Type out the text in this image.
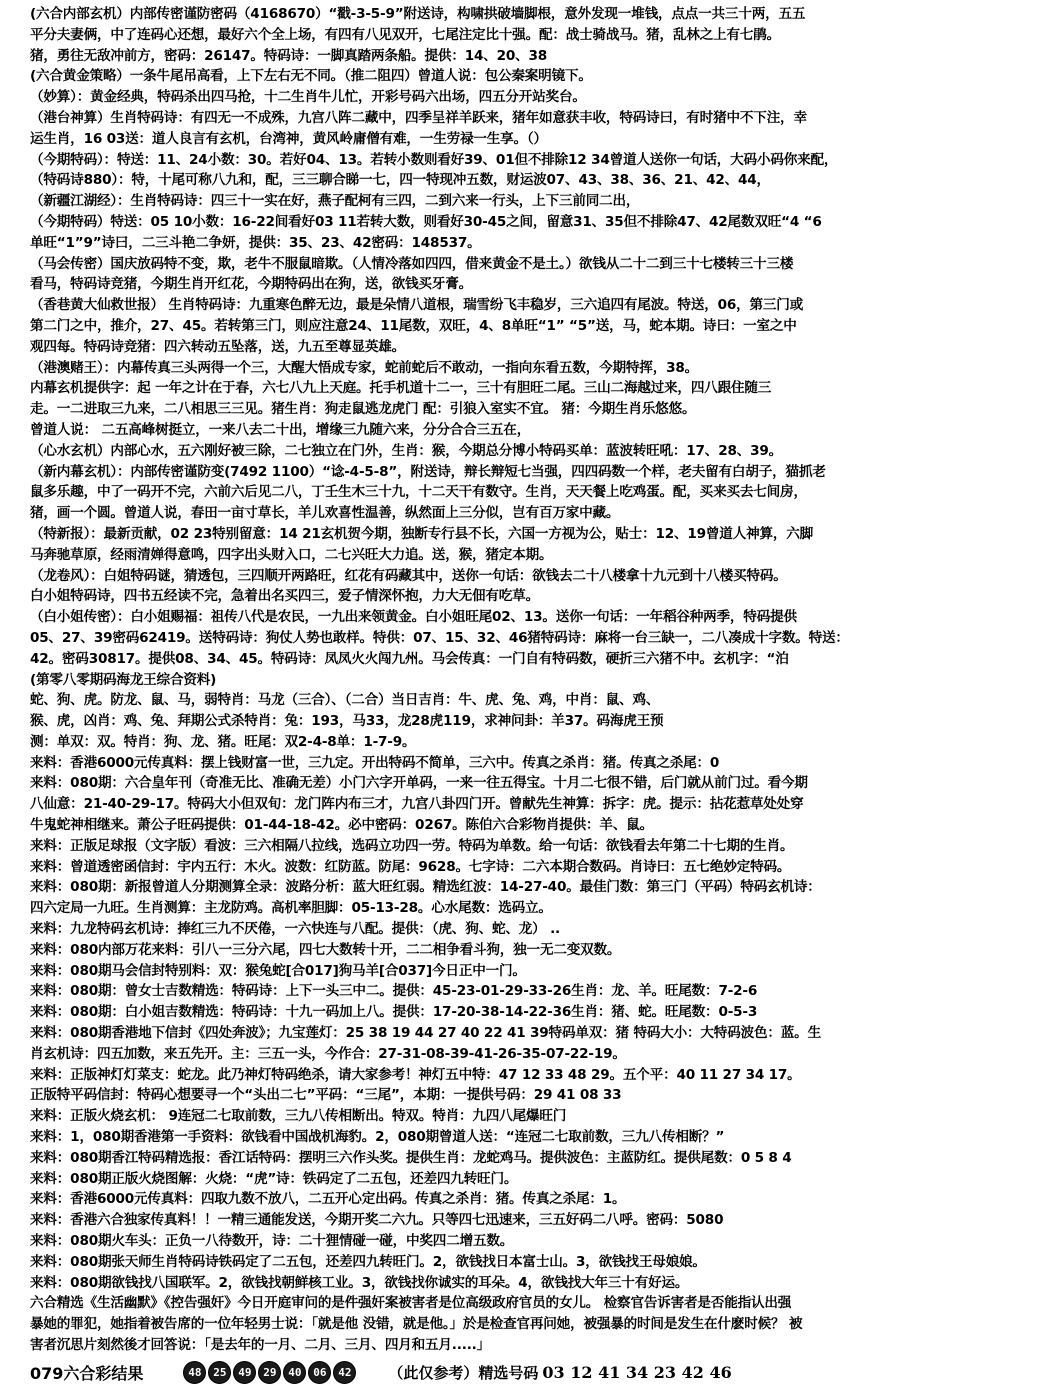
(六合内部玄机）内部传密谨防密码（4168670）“戳-3-5-9”附送诗，构啸拱破墙脚根，意外发现一堆钱，点点一共三十两，五五
平分夫妻俩，中了连码心还想，最好六个全上场，有四有八见双开，七尾注定比十强。配：战士骑战马。猪，乱林之上有七鹃。
猪，勇往无敌冲前方，密码：26147。特码诗：一脚真踏两条船。提供：14、20、38
(六合黄金策略）一条牛尾吊高看，上下左右无不同。（推二阻四）曾道人说：包公秦案明镜下。
（妙算）：黄金经典，特码杀出四马抢，十二生肖牛儿忙，开彩号码六出场，四五分开站奖台。
（港台神算）生肖特码诗：有四无一不成殊，九宫八阵二藏中，四季呈祥羊跃来，猪年如意获丰收，特码诗曰，有时猪中不下注，幸
运生肖，16 03送：道人良言有玄机，台湾神，黄风岭庸僧有难，一生劳禄一生享。（）
（今期特码）：特送：11、24小数：30。若好04、13。若转小数则看好39、01但不排除12 34曾道人送你一句话，大码小码你来配，
（特码诗880）：特，十尾可称八九和，配，三三聊合睇一七，四一特现冲五数，财运波07、43、38、36、21、42、44，
（新疆江湖经）：生肖特码诗：四三十一实在好，燕子配柯有三四，二到六来一行头，上下三前同二出，
（今期特码）特送：05 10小数：16-22间看好03 11若转大数，则看好30-45之间，留意31、35但不排除47、42尾数双旺“4 “6
单旺“1”9”诗曰，二三斗艳二争妍，提供：35、23、42密码：148537。
（马会传密）国庆放码特不变，欺，老牛不服鼠暗欺。（人情冷落如四四，借来黄金不是土。）欲钱从二十二到三十七楼转三十三楼
看马，特码诗竞猪，今期生肖开红花，今期特码出在狗，送，欲钱买牙膏。
（香巷黄大仙救世报） 生肖特码诗：九重寒色醉无边，最是朵情八道根，瑞雪纷飞丰稳岁，三六追四有尾波。特送，06，第三门或
第二门之中，推介，27、45。若转第三门，则应注意24、11尾数，双旺，4、8单旺“1” “5”送，马，蛇本期。诗曰：一室之中
观四每。特码诗竞猪：四六转动五坠落，送，九五至尊显英雄。
（港澳赌王）：内幕传真三头两得一个三，大醒大悟成专家，蛇前蛇后不敢动，一指向东看五数，今期特挥，38。
内幕玄机提供字：起 一年之计在于春，六七八九上天庭。托手机道十二一，三十有胆旺二尾。三山二海越过来，四八跟住随三
走。一二进取三九来，二八相思三三见。猪生肖：狗走鼠逃龙虎门 配：引狼入室实不宜。 猪：今期生肖乐悠悠。
曾道人说： 二五高峰树挺立，一来八去二十出，增缘三九随六来，分分合合三五在，
（心水玄机）内部心水，五六刚好被三除，二七独立在门外，生肖：猴，今期总分博小特码买单：蓝波转旺吼：17、28、39。
（新内幕玄机）：内部传密谨防变(7492 1100）“谂-4-5-8”，附送诗，辩长辩短七当强，四四码数一个样，老夫留有白胡子，猫抓老
鼠多乐趣，中了一码开不完，六前六后见二八，丁壬生木三十九，十二天干有数守。生肖，天天餐上吃鸡蛋。配，买来买去七间房，
猪，画一个圆。曾道人说，春田一亩寸草长，羊儿欢喜性温善，纵然面上三分似，岂有百万家中藏。
（特新报）：最新贡献，02 23特别留意：14 21玄机贺今期，独断专行县不长，六国一方视为公，贴士：12、19曾道人神算，六脚
马奔驰草原，经雨清婵得意鸣，四字出头财入口，二七兴旺大力追。送，猴，猪定本期。
（龙卷风）：白姐特码谜，猜透包，三四顺开两路旺，红花有码藏其中，送你一句话：欲钱去二十八楼拿十九元到十八楼买特码。
白小姐特码诗，四书五经读不完，急着出名买四三，爱子情深怀抱，力大无佃有吃草。
（白小姐传密）：白小姐赐福：祖传八代是农民，一九出来领黄金。白小姐旺尾02、13。送你一句话：一年稻谷种两季，特码提供
05、27、39密码62419。送特码诗：狗仗人势也敢样。特供：07、15、32、46猪特码诗：麻将一台三缺一，二八凑成十字数。特送：
42。密码30817。提供08、34、45。特码诗：凤凤火火闯九州。马会传真：一门自有特码数，硬折三六猪不中。玄机字：“泊
(第零八零期码海龙王综合资料)
蛇、狗、虎。防龙、鼠、马，弱特肖：马龙（三合）、（二合）当日吉肖：牛、虎、兔、鸡，中肖：鼠、鸡、
猴、虎，凶肖：鸡、兔、拜期公式杀特肖：兔：193，马33，龙28虎119，求神问卦：羊37。码海虎王预
测：单双：双。特肖：狗、龙、猪。旺尾：双2-4-8单：1-7-9。
来料：香港6000元传真料：摆上钱财富一世，三九定。开出特码不简单，三六中。传真之杀肖：猪。传真之杀尾：0
来料：080期：六合皇年刊（奇准无比、准确无差）小门六字开单码，一来一往五得宝。十月二七很不错，后门就从前门过。看今期
八仙意：21-40-29-17。特码大小但双旬：龙门阵内布三才，九宫八卦四门开。曾献先生神算：拆字：虎。提示：拈花惹草处处穿
牛鬼蛇神相继来。萧公子旺码提供：01-44-18-42。必中密码：0267。陈伯六合彩物肖提供：羊、鼠。
来料：正版足球报（文字版）看波：三六相隔八拉线，选码立功四一劳。特码为单数。给一句话：欲钱看去年第二十七期的生肖。
来料：曾道透密函信封：宇内五行：木火。波数：红防蓝。防尾：9628。七字诗：二六本期合数码。肖诗曰：五七绝妙定特码。
来料：080期：新报曾道人分期测算全录：波路分析：蓝大旺红弱。精选红波：14-27-40。最佳门数：第三门（平码）特码玄机诗：
四六定局一九旺。生肖测算：主龙防鸡。高机率胆脚：05-13-28。心水尾数：选码立。
来料：九龙特码玄机诗：捧红三九不厌倦，一六快连与八配。提供：（虎、狗、蛇、龙） ..
来料：080内部万花来料：引八一三分六尾，四七大数转十开，二二相争看斗狗，独一无二变双数。
来料：080期马会信封特别料：双：猴兔蛇[合017]狗马羊[合037]今日正中一门。
来料：080期：曾女士吉数精选：特码诗：上下一头三中二。提供：45-23-01-29-33-26生肖：龙、羊。旺尾数：7-2-6
来料：080期：白小姐吉数精选：特码诗：十九一码加上八。提供：17-20-38-14-22-36生肖：猪、蛇。旺尾数：0-5-3
来料：080期香港地下信封《四处奔波》；九宝莲灯：25 38 19 44 27 40 22 41 39特码单双：猪 特码大小：大特码波色：蓝。生
肖玄机诗：四五加数，来五先开。主：三五一头，今作合：27-31-08-39-41-26-35-07-22-19。
来料：正版神灯灯菜支：蛇龙。此乃神灯特码绝杀，请大家参考！神灯五中特：47 12 33 48 29。五个平：40 11 27 34 17。
正版特平码信封：特码心想要寻一个“头出二七”平码：“三尾”，本期：一提供号码：29 41 08 33
来料：正版火烧玄机： 9连冠二七取前数，三九八传相断出。特双。特肖：九四八尾爆旺门
来料：1，080期香港第一手资料：欲钱看中国战机海豹。2，080期曾道人送：“连冠二七取前数，三九八传相断？”
来料：080期香江特码精选报：香江话特码：摆明三六作头奖。提供生肖：龙蛇鸡马。提供波色：主蓝防红。提供尾数：0 5 8 4
来料：080期正版火烧图解：火烧：“虎”诗：铁码定了二五包，还差四九转旺门。
来料：香港6000元传真料：四取九数不放八，二五开心定出码。传真之杀肖：猪。传真之杀尾：1。
来料：香港六合独家传真料！！一精三通能发送，今期开奖二六九。只等四七迅速来，三五好码二八呼。密码：5080
来料：080期火车头：正负一八待数开，诗：二十狸情碰一碰，中奖四二增五数。
来料：080期张天师生肖特码诗铁码定了二五包，还差四九转旺门。2，欲钱找日本富士山。3，欲钱找王母娘娘。
来料：080期欲钱找八国联军。2，欲钱找朝鲜核工业。3，欲钱找你诚实的耳朵。4，欲钱找大年三十有好运。
六合精选《生活幽默》《控告强奸》今日开庭审问的是件强奸案被害者是位高级政府官员的女儿。 检察官告诉害者是否能指认出强
暴她的罪犯，她指着被告席的一位年轻男士说：「就是他 没错，就是他。」於是检查官再问她，被强暴的时间是发生在什麽时候？ 被
害者沉思片刻然後才回答说：「是去年的一月、二月、三月、四月和五月.....」
079六合彩结果	48	25	49	29	40	06	42	（此仅参考）精选号码 03 12 41 34 23 42 46
